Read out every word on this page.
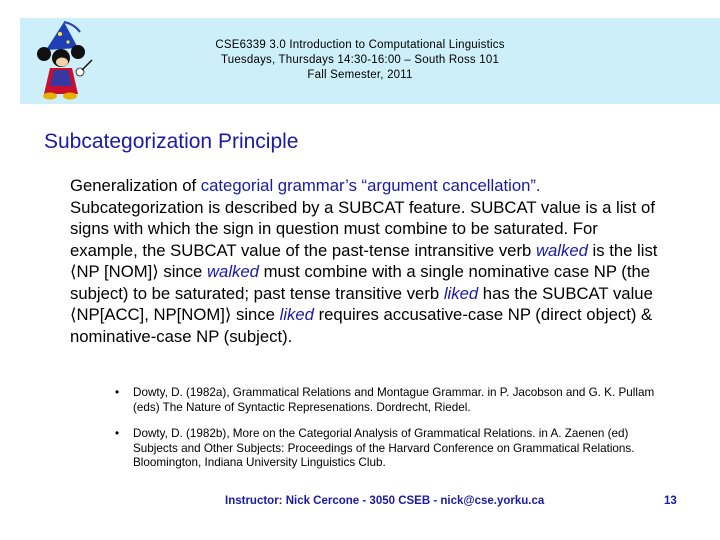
CSE6339 3.0 Introduction to Computational Linguistics
Tuesdays, Thursdays 14:30-16:00 – South Ross 101
Fall Semester, 2011
Subcategorization Principle
Generalization of categorial grammar’s “argument cancellation”. Subcategorization is described by a SUBCAT feature. SUBCAT value is a list of signs with which the sign in question must combine to be saturated. For example, the SUBCAT value of the past-tense intransitive verb walked is the list ⟨NP [NOM]⟩ since walked must combine with a single nominative case NP (the subject) to be saturated; past tense transitive verb liked has the SUBCAT value ⟨NP[ACC], NP[NOM]⟩ since liked requires accusative-case NP (direct object) & nominative-case NP (subject).
• Dowty, D. (1982a), Grammatical Relations and Montague Grammar. in P. Jacobson and G. K. Pullam (eds) The Nature of Syntactic Represenations. Dordrecht, Riedel.
• Dowty, D. (1982b), More on the Categorial Analysis of Grammatical Relations. in A. Zaenen (ed) Subjects and Other Subjects: Proceedings of the Harvard Conference on Grammatical Relations. Bloomington, Indiana University Linguistics Club.
Instructor: Nick Cercone - 3050 CSEB - nick@cse.yorku.ca	13
